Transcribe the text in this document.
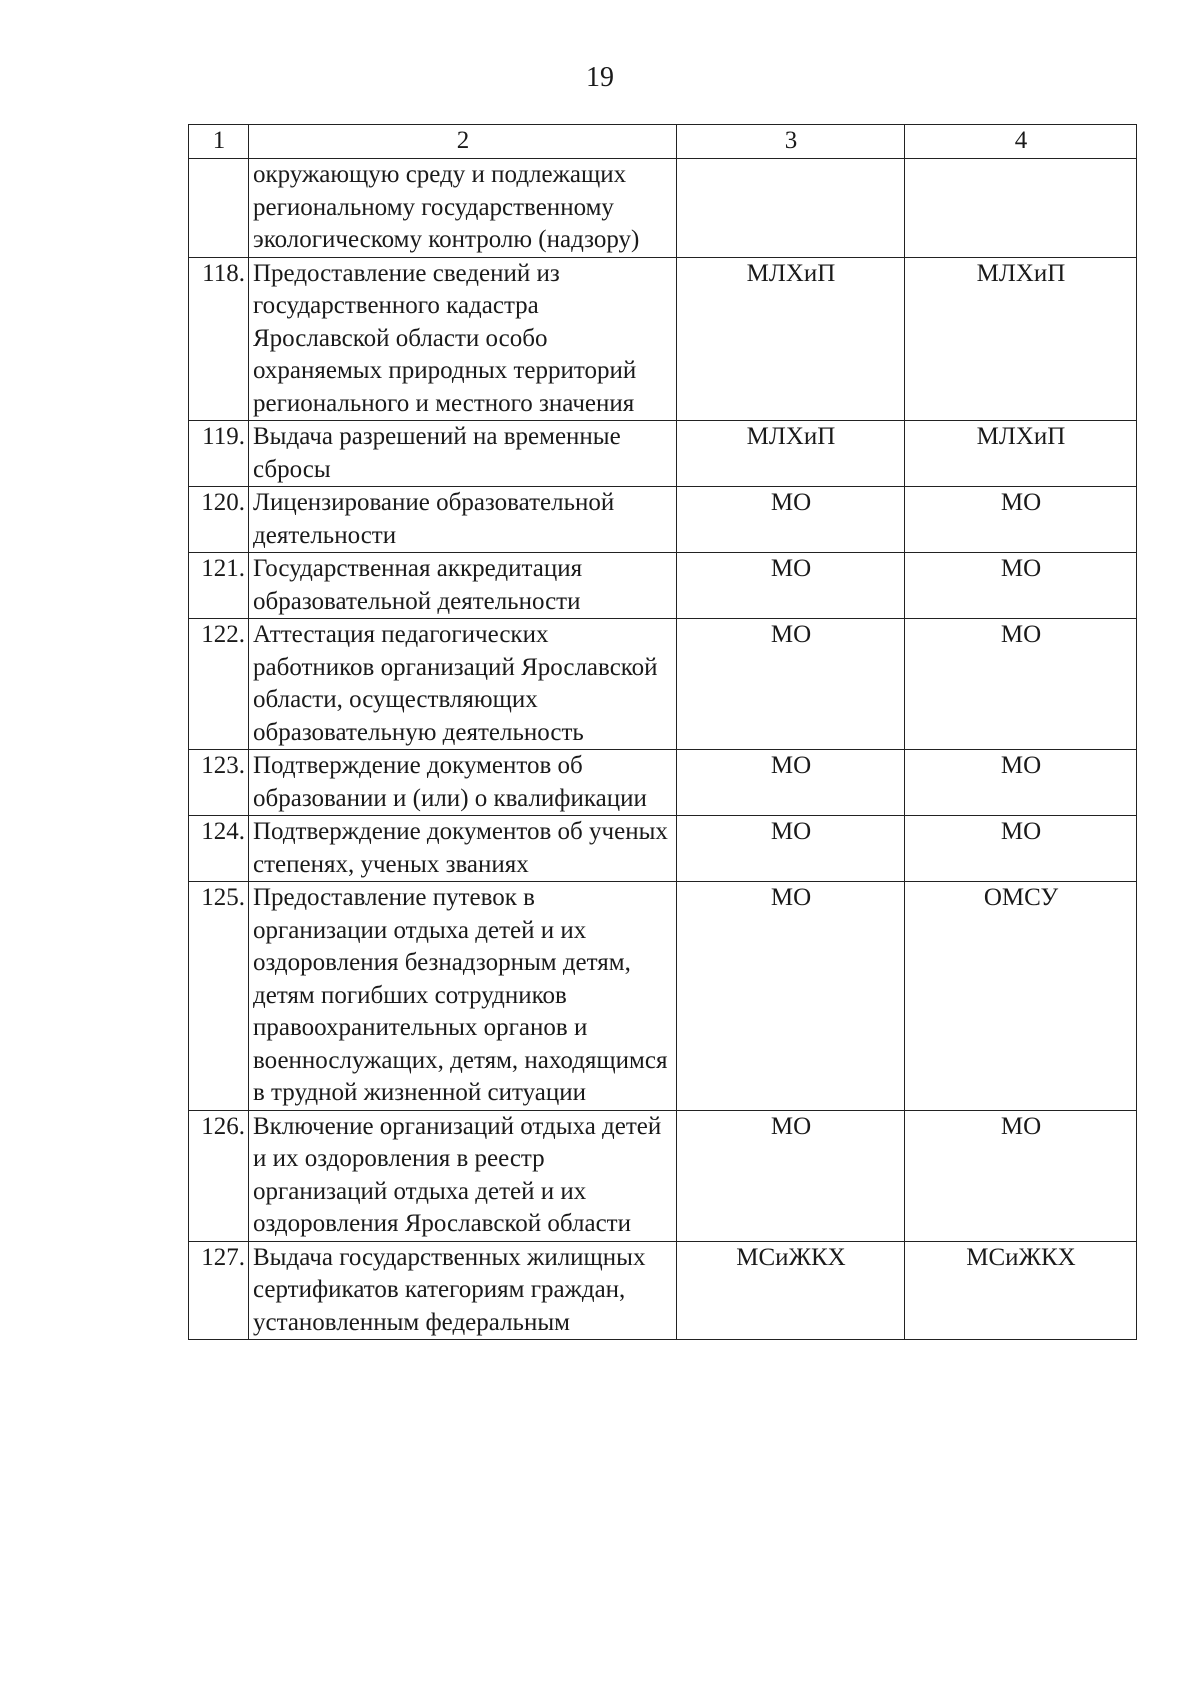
19
1	2	3	4
	окружающую среду и подлежащих региональному государственному экологическому контролю (надзору)		
118.	Предоставление сведений из государственного кадастра Ярославской области особо охраняемых природных территорий регионального и местного значения	МЛХиП	МЛХиП
119.	Выдача разрешений на временные сбросы	МЛХиП	МЛХиП
120.	Лицензирование образовательной деятельности	МО	МО
121.	Государственная аккредитация образовательной деятельности	МО	МО
122.	Аттестация педагогических работников организаций Ярославской области, осуществляющих образовательную деятельность	МО	МО
123.	Подтверждение документов об образовании и (или) о квалификации	МО	МО
124.	Подтверждение документов об ученых степенях, ученых званиях	МО	МО
125.	Предоставление путевок в организации отдыха детей и их оздоровления безнадзорным детям, детям погибших сотрудников правоохранительных органов и военнослужащих, детям, находящимся в трудной жизненной ситуации	МО	ОМСУ
126.	Включение организаций отдыха детей и их оздоровления в реестр организаций отдыха детей и их оздоровления Ярославской области	МО	МО
127.	Выдача государственных жилищных сертификатов категориям граждан, установленным федеральным	МСиЖКХ	МСиЖКХ
